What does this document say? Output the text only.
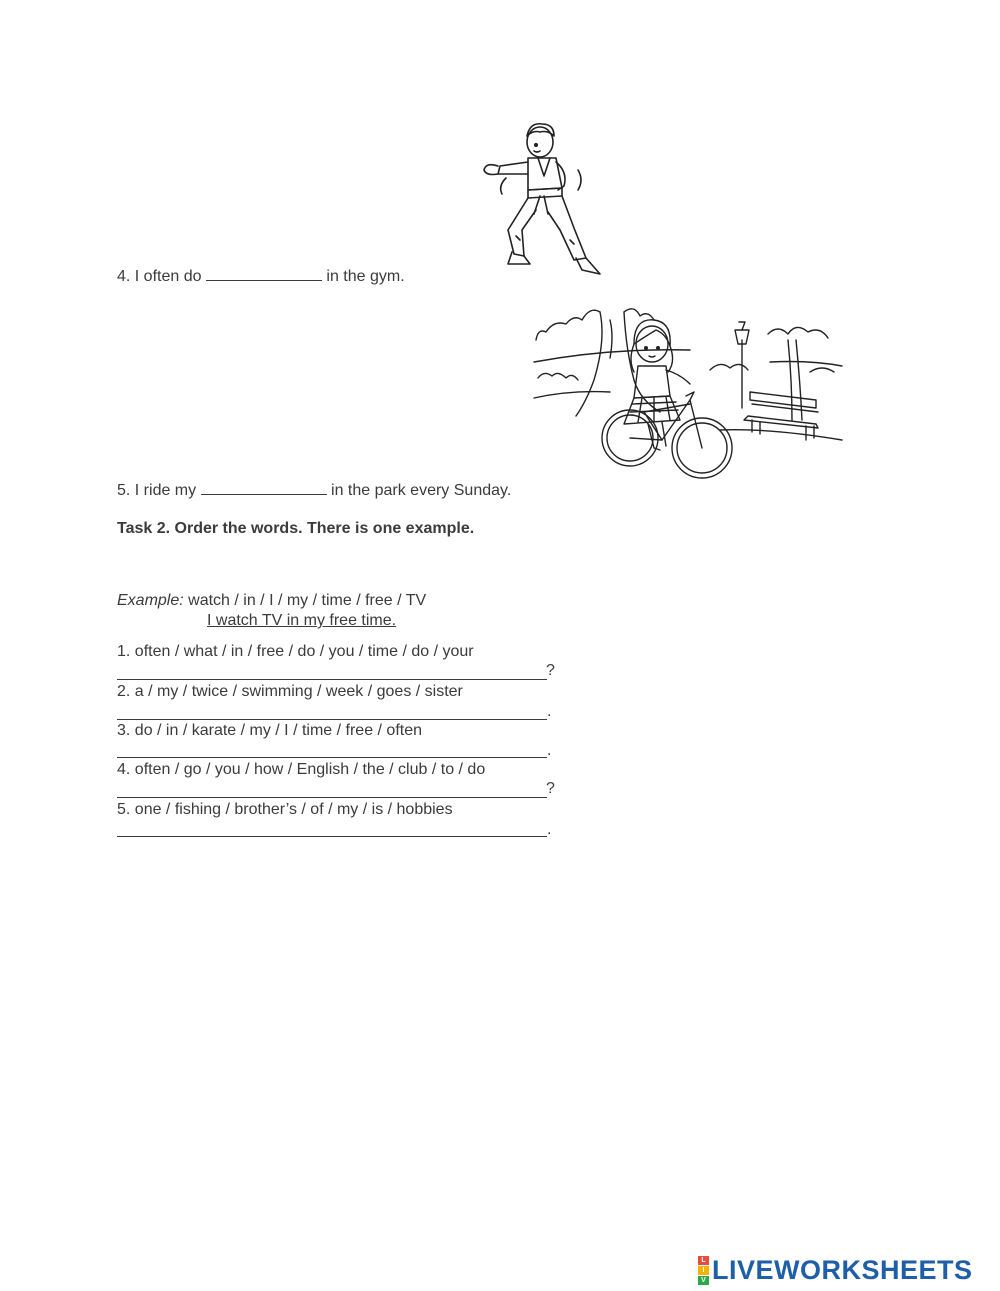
4. I often do	in the gym.
5. I ride my	in the park every Sunday.
Task 2. Order the words. There is one example.
Example: watch / in / I / my / time / free / TV
I watch TV in my free time.
1. often / what / in / free / do / you / time / do / your
?
2. a / my / twice / swimming / week / goes / sister
.
3. do / in / karate / my / I / time / free / often
.
4. often / go / you / how / English / the / club / to / do
?
5. one / fishing / brother’s / of / my / is / hobbies
.
L
I
V LIVEWORKSHEETS
